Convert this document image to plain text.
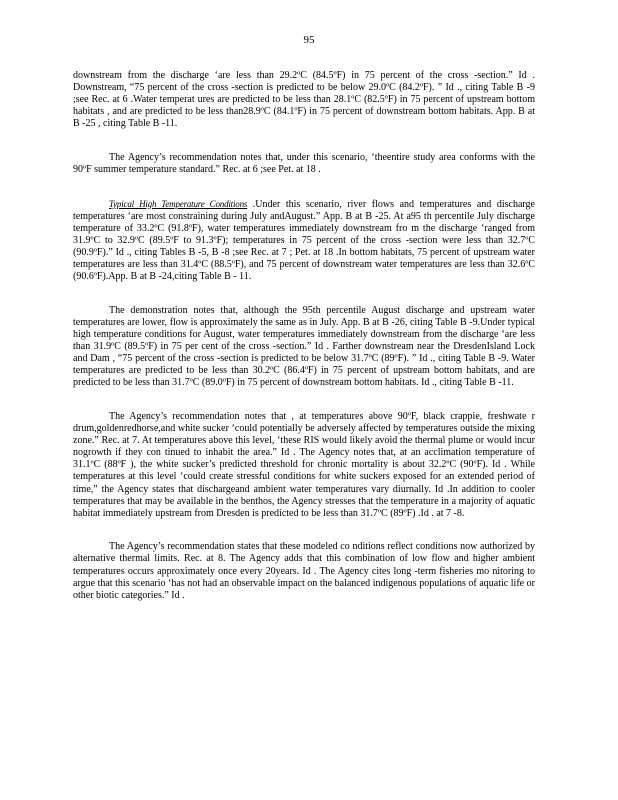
95

downstream from the discharge ‘are less than 29.2ºC (84.5ºF) in 75 percent of the cross -section.” Id . Downstream, “75 percent of the cross -section is predicted to be below 29.0ºC (84.2ºF). ” Id ., citing Table B -9 ;see Rec. at 6 .Water temperat ures are predicted to be less than 28.1ºC (82.5ºF) in 75 percent of upstream bottom habitats , and are predicted to be less than28.9ºC (84.1ºF) in 75 percent of downstream bottom habitats. App. B at B -25 , citing Table B -11.

The Agency’s recommendation notes that, under this scenario, ‘theentire study area conforms with the 90ºF summer temperature standard.” Rec. at 6 ;see Pet. at 18 .

Typical High Temperature Conditions .Under this scenario, river flows and temperatures and discharge temperatures ‘are most constraining during July andAugust.” App. B at B -25. At a95 th percentile July discharge temperature of 33.2ºC (91.8ºF), water temperatures immediately downstream fro m the discharge ‘ranged from 31.9ºC to 32.9ºC (89.5ºF to 91.3ºF); temperatures in 75 percent of the cross -section were less than 32.7ºC (90.9ºF).” Id ., citing Tables B -5, B -8 ;see Rec. at 7 ; Pet. at 18 .In bottom habitats, 75 percent of upstream water temperatures are less than 31.4ºC (88.5ºF), and 75 percent of downstream water temperatures are less than 32.6ºC (90.6ºF).App. B at B -24,citing Table B - 11.

The demonstration notes that, although the 95th percentile August discharge and upstream water temperatures are lower, flow is approximately the same as in July. App. B at B -26, citing Table B -9.Under typical high temperature conditions for August, water temperatures immediately downstream from the discharge ‘are less than 31.9ºC (89.5ºF) in 75 per cent of the cross -section.” Id . Farther downstream near the DresdenIsland Lock and Dam , “75 percent of the cross -section is predicted to be below 31.7ºC (89ºF). ” Id ., citing Table B -9. Water temperatures are predicted to be less than 30.2ºC (86.4ºF) in 75 percent of upstream bottom habitats, and are predicted to be less than 31.7ºC (89.0ºF) in 75 percent of downstream bottom habitats. Id ., citing Table B -11.

The Agency’s recommendation notes that , at temperatures above 90ºF, black crappie, freshwate r drum,goldenredhorse,and white sucker ‘could potentially be adversely affected by temperatures outside the mixing zone.” Rec. at 7. At temperatures above this level, ‘these RIS would likely avoid the thermal plume or would incur nogrowth if they con tinued to inhabit the area.” Id . The Agency notes that, at an acclimation temperature of 31.1ºC (88ºF ), the white sucker’s predicted threshold for chronic mortality is about 32.2ºC (90ºF). Id . While temperatures at this level ‘could create stressful conditions for white suckers exposed for an extended period of time,” the Agency states that dischargeand ambient water temperatures vary diurnally. Id .In addition to cooler temperatures that may be available in the benthos, the Agency stresses that the temperature in a majority of aquatic habitat immediately upstream from Dresden is predicted to be less than 31.7ºC (89ºF) .Id . at 7 -8.

The Agency’s recommendation states that these modeled co nditions reflect conditions now authorized by alternative thermal limits. Rec. at 8. The Agency adds that this combination of low flow and higher ambient temperatures occurs approximately once every 20years. Id . The Agency cites long -term fisheries mo nitoring to argue that this scenario ‘has not had an observable impact on the balanced indigenous populations of aquatic life or other biotic categories.” Id .
